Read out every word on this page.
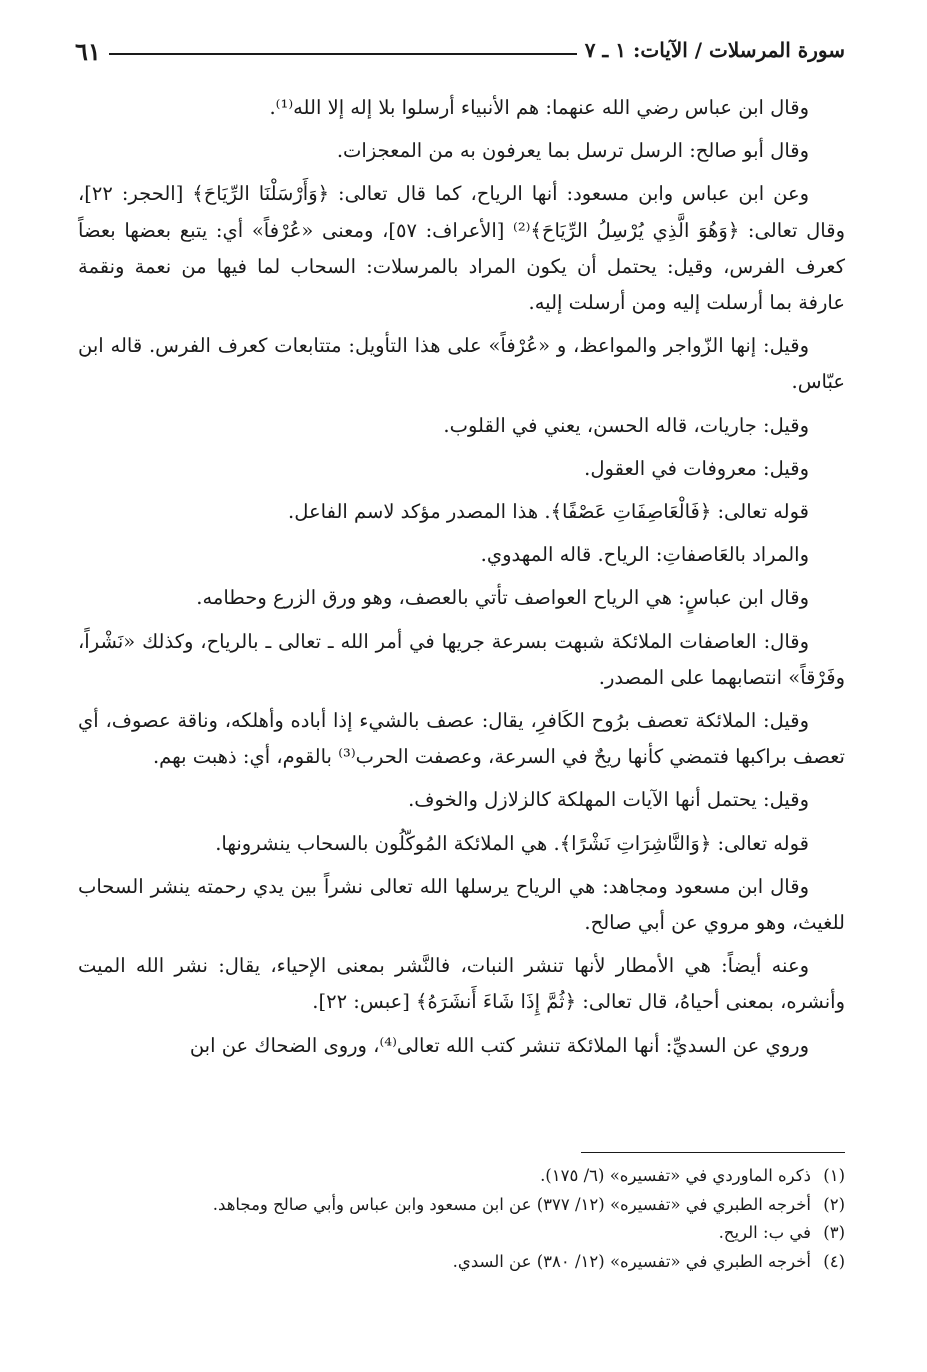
سورة المرسلات / الآيات: ١ ـ ٧
٦١

وقال ابن عباس رضي الله عنهما: هم الأنبياء أرسلوا بلا إله إلا الله⁽¹⁾.

وقال أبو صالح: الرسل ترسل بما يعرفون به من المعجزات.

وعن ابن عباس وابن مسعود: أنها الرياح، كما قال تعالى: ﴿وَأَرْسَلْنَا الرِّيَاحَ﴾ [الحجر: ٢٢]، وقال تعالى: ﴿وَهُوَ الَّذِي يُرْسِلُ الرِّيَاحَ﴾⁽²⁾ [الأعراف: ٥٧]، ومعنى «عُرْفاً» أي: يتبع بعضها بعضاً كعرف الفرس، وقيل: يحتمل أن يكون المراد بالمرسلات: السحاب لما فيها من نعمة ونقمة عارفة بما أرسلت إليه ومن أرسلت إليه.

وقيل: إنها الزّواجر والمواعظ، و «عُرْفاً» على هذا التأويل: متتابعات كعرف الفرس. قاله ابن عبّاس.

وقيل: جاريات، قاله الحسن، يعني في القلوب.

وقيل: معروفات في العقول.

قوله تعالى: ﴿فَالْعَاصِفَاتِ عَصْفًا﴾. هذا المصدر مؤكد لاسم الفاعل.

والمراد بالعَاصفاتِ: الرياح. قاله المهدوي.

وقال ابن عباسٍ: هي الرياح العواصف تأتي بالعصف، وهو ورق الزرع وحطامه.

وقال: العاصفات الملائكة شبهت بسرعة جريها في أمر الله ـ تعالى ـ بالرياح، وكذلك «نَشْراً، وفَرْقاً» انتصابهما على المصدر.

وقيل: الملائكة تعصف برُوح الكَافرِ، يقال: عصف بالشيء إذا أباده وأهلكه، وناقة عصوف، أي تعصف براكبها فتمضي كأنها ريحٌ في السرعة، وعصفت الحرب⁽³⁾ بالقوم، أي: ذهبت بهم.

وقيل: يحتمل أنها الآيات المهلكة كالزلازل والخوف.

قوله تعالى: ﴿وَالنَّاشِرَاتِ نَشْرًا﴾. هي الملائكة المُوكّلُون بالسحاب ينشرونها.

وقال ابن مسعود ومجاهد: هي الرياح يرسلها الله تعالى نشراً بين يدي رحمته ينشر السحاب للغيث، وهو مروي عن أبي صالح.

وعنه أيضاً: هي الأمطار لأنها تنشر النبات، فالنَّشر بمعنى الإحياء، يقال: نشر الله الميت وأنشره، بمعنى أحياهُ، قال تعالى: ﴿ثُمَّ إِذَا شَاءَ أَنشَرَهُ﴾ [عبس: ٢٢].

وروي عن السديِّ: أنها الملائكة تنشر كتب الله تعالى⁽⁴⁾، وروى الضحاك عن ابن

(١)ذكره الماوردي في «تفسيره» (٦/ ١٧٥).
(٢)أخرجه الطبري في «تفسيره» (١٢/ ٣٧٧) عن ابن مسعود وابن عباس وأبي صالح ومجاهد.
(٣)في ب: الريح.
(٤)أخرجه الطبري في «تفسيره» (١٢/ ٣٨٠) عن السدي.
